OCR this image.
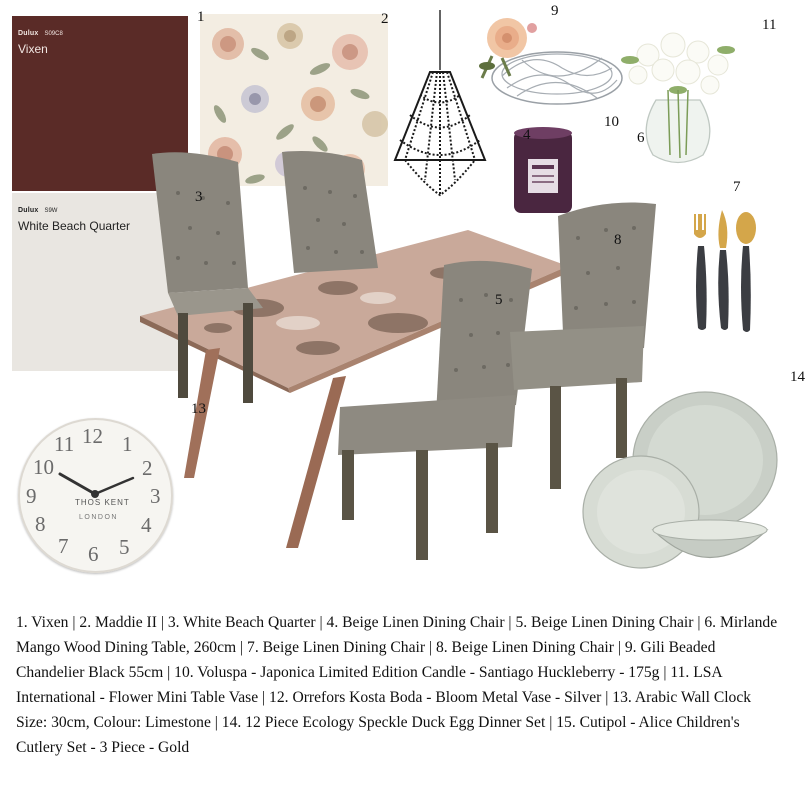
Dulux S09C8
Vixen
Dulux S9W
White Beach Quarter
12 1
2
3
4
5
6
7
8
9
10
11
THOS KENT
LONDON
1	2
3
4
5
6
7
8
9
10
11
13
14
1. Vixen | 2. Maddie II | 3. White Beach Quarter | 4. Beige Linen Dining Chair | 5. Beige Linen Dining Chair | 6. Mirlande Mango Wood Dining Table, 260cm | 7. Beige Linen Dining Chair | 8. Beige Linen Dining Chair | 9. Gili Beaded Chandelier Black 55cm | 10. Voluspa - Japonica Limited Edition Candle - Santiago Huckleberry - 175g | 11. LSA International - Flower Mini Table Vase | 12. Orrefors Kosta Boda - Bloom Metal Vase - Silver | 13. Arabic Wall Clock Size: 30cm, Colour: Limestone | 14. 12 Piece Ecology Speckle Duck Egg Dinner Set | 15. Cutipol - Alice Children's Cutlery Set - 3 Piece - Gold
